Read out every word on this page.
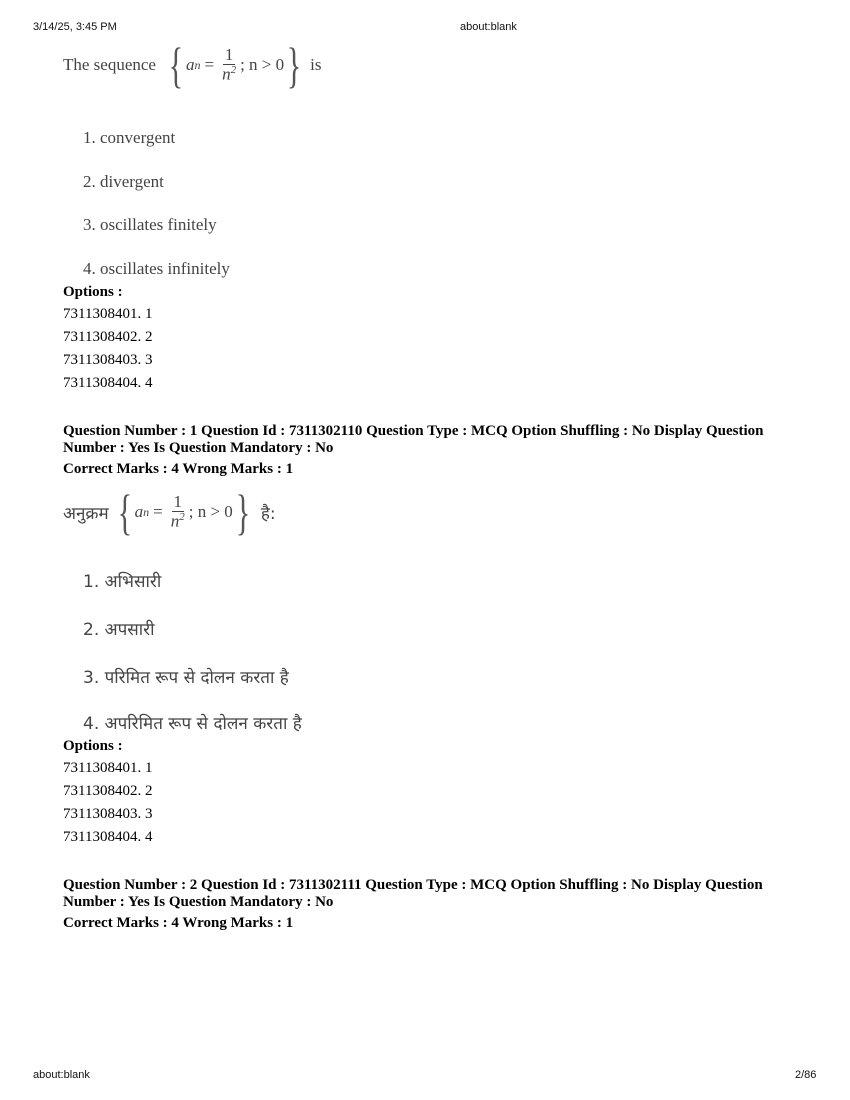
3/14/25, 3:45 PM	about:blank
The sequence { a $n = \frac{1}{n^2}$ ; n > 0 } is
1. convergent
2. divergent
3. oscillates finitely
4. oscillates infinitely
Options :
7311308401. 1
7311308402. 2
7311308403. 3
7311308404. 4
Question Number : 1 Question Id : 7311302110 Question Type : MCQ Option Shuffling : No Display Question Number : Yes Is Question Mandatory : No
Correct Marks : 4 Wrong Marks : 1
अनुक्रम { a $n = \frac{1}{n^2}$ ; n > 0 } है:
1. अभिसारी
2. अपसारी
3. परिमित रूप से दोलन करता है
4. अपरिमित रूप से दोलन करता है
Options :
7311308401. 1
7311308402. 2
7311308403. 3
7311308404. 4
Question Number : 2 Question Id : 7311302111 Question Type : MCQ Option Shuffling : No Display Question Number : Yes Is Question Mandatory : No
Correct Marks : 4 Wrong Marks : 1
about:blank	2/86
